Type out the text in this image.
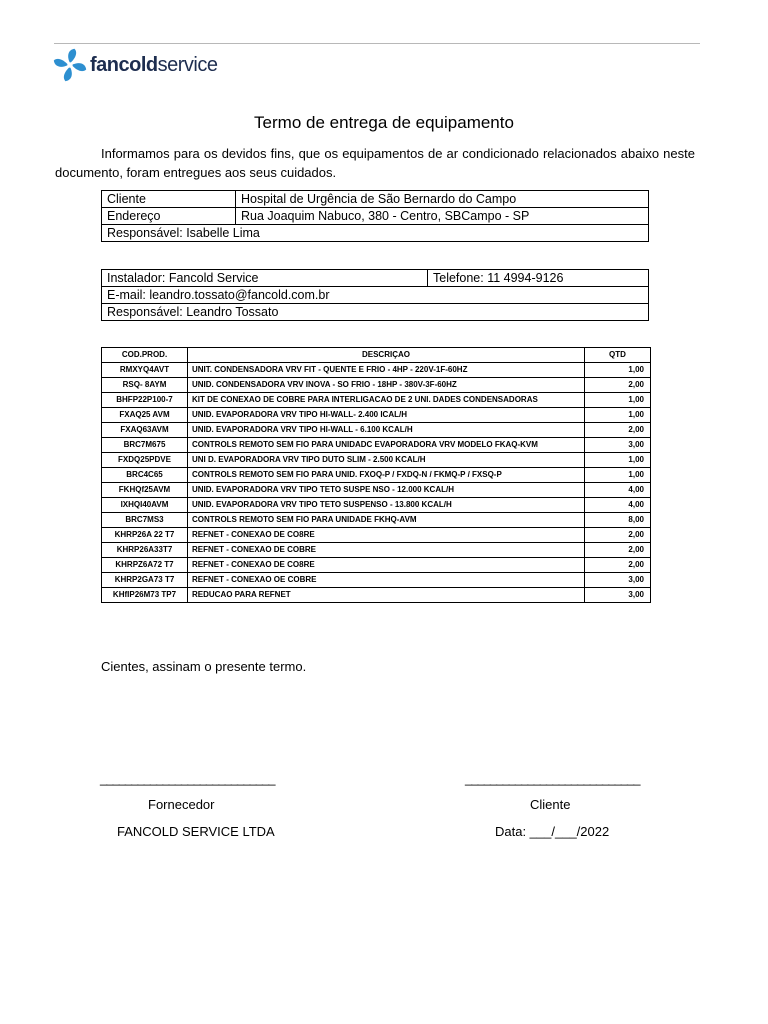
fancoldservice
Termo de entrega de equipamento
Informamos para os devidos fins, que os equipamentos de ar condicionado relacionados abaixo neste documento, foram entregues aos seus cuidados.
Cliente	Hospital de Urgência de São Bernardo do Campo
Endereço	Rua Joaquim Nabuco, 380 - Centro, SBCampo - SP
Responsável: Isabelle Lima	
Instalador: Fancold Service	Telefone: 11 4994-9126
E-mail: leandro.tossato@fancold.com.br
Responsável: Leandro Tossato
COD.PROD.	DESCRIÇAO	QTD
RMXYQ4AVT	UNIT. CONDENSADORA VRV FIT - QUENTE E FRIO - 4HP - 220V-1F-60HZ	1,00
RSQ- 8AYM	UNID. CONDENSADORA VRV INOVA - SO FRIO - 18HP - 380V-3F-60HZ	2,00
BHFP22P100-7	KIT DE CONEXAO DE COBRE PARA INTERLIGACAO DE 2 UNI. DADES CONDENSADORAS	1,00
FXAQ25 AVM	UNID. EVAPORADORA VRV TIPO HI-WALL- 2.400 ICAL/H	1,00
FXAQ63AVM	UNID. EVAPORADORA VRV TIPO HI-WALL - 6.100 KCAL/H	2,00
BRC7M675	CONTROLS REMOTO SEM FIO PARA UNIDADC EVAPORADORA VRV MODELO FKAQ-KVM	3,00
FXDQ25PDVE	UNI D. EVAPORADORA VRV TIPO DUTO SLIM - 2.500 KCAL/H	1,00
BRC4C65	CONTROLS REMOTO SEM FIO PARA UNID. FXOQ-P / FXDQ-N / FKMQ-P / FXSQ-P	1,00
FKHQf25AVM	UNID. EVAPORADORA VRV TIPO TETO SUSPE NSO - 12.000 KCAL/H	4,00
IXHQI40AVM	UNID. EVAPORADORA VRV TIPO TETO SUSPENSO - 13.800 KCAL/H	4,00
BRC7MS3	CONTROLS REMOTO SEM FIO PARA UNIDADE FKHQ-AVM	8,00
KHRP26A 22 T7	REFNET - CONEXAO DE CO8RE	2,00
KHRP26A33T7	REFNET - CONEXAO DE COBRE	2,00
KHRPZ6A72 T7	REFNET - CONEXAO DE CO8RE	2,00
KHRP2GA73 T7	REFNET - CONEXAO OE COBRE	3,00
KHfIP26M73 TP7	REDUCAO PARA REFNET	3,00
Cientes, assinam o presente termo.
____________________________	____________________________
Fornecedor	Cliente
FANCOLD SERVICE LTDA	Data: ___/___/2022
